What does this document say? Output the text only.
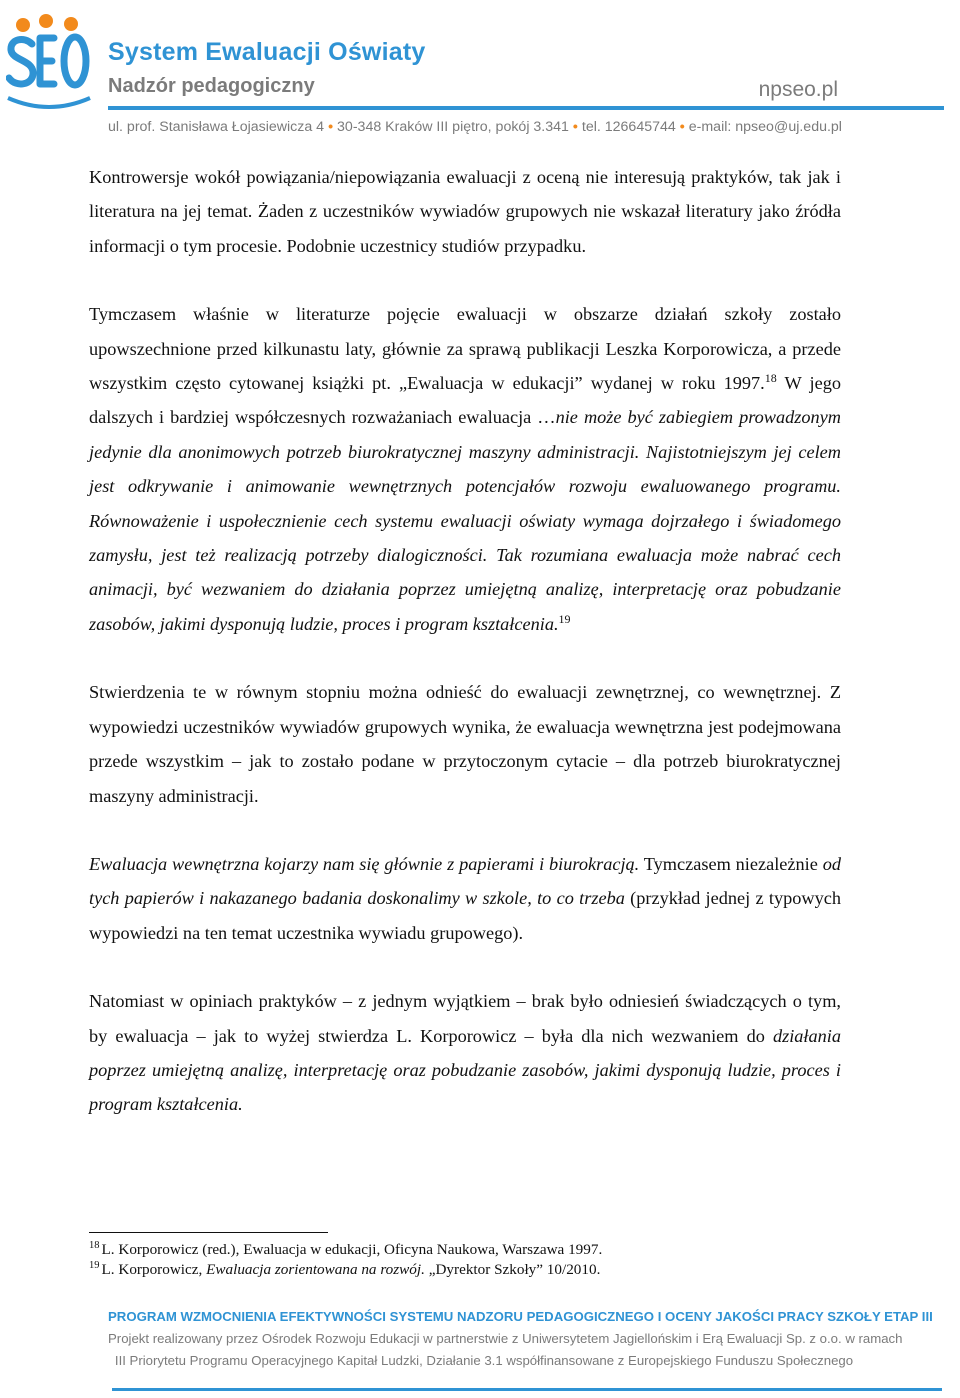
System Ewaluacji Oświaty
Nadzór pedagogiczny	npseo.pl
ul. prof. Stanisława Łojasiewicza 4 • 30-348 Kraków III piętro, pokój 3.341 • tel. 126645744 • e-mail: npseo@uj.edu.pl

Kontrowersje wokół powiązania/niepowiązania ewaluacji z oceną nie interesują praktyków, tak jak i literatura na jej temat. Żaden z uczestników wywiadów grupowych nie wskazał literatury jako źródła informacji o tym procesie. Podobnie uczestnicy studiów przypadku.

Tymczasem właśnie w literaturze pojęcie ewaluacji w obszarze działań szkoły zostało upowszechnione przed kilkunastu laty, głównie za sprawą publikacji Leszka Korporowicza, a przede wszystkim często cytowanej książki pt. „Ewaluacja w edukacji” wydanej w roku 1997.18 W jego dalszych i bardziej współczesnych rozważaniach ewaluacja …nie może być zabiegiem prowadzonym jedynie dla anonimowych potrzeb biurokratycznej maszyny administracji. Najistotniejszym jej celem jest odkrywanie i animowanie wewnętrznych potencjałów rozwoju ewaluowanego programu. Równoważenie i uspołecznienie cech systemu ewaluacji oświaty wymaga dojrzałego i świadomego zamysłu, jest też realizacją potrzeby dialogiczności. Tak rozumiana ewaluacja może nabrać cech animacji, być wezwaniem do działania poprzez umiejętną analizę, interpretację oraz pobudzanie zasobów, jakimi dysponują ludzie, proces i program kształcenia.$^{19}$

Stwierdzenia te w równym stopniu można odnieść do ewaluacji zewnętrznej, co wewnętrznej. Z wypowiedzi uczestników wywiadów grupowych wynika, że ewaluacja wewnętrzna jest podejmowana przede wszystkim – jak to zostało podane w przytoczonym cytacie – dla potrzeb biurokratycznej maszyny administracji.

Ewaluacja wewnętrzna kojarzy nam się głównie z papierami i biurokracją. Tymczasem niezależnie od tych papierów i nakazanego badania doskonalimy w szkole, to co trzeba (przykład jednej z typowych wypowiedzi na ten temat uczestnika wywiadu grupowego).

Natomiast w opiniach praktyków – z jednym wyjątkiem – brak było odniesień świadczących o tym, by ewaluacja – jak to wyżej stwierdza L. Korporowicz – była dla nich wezwaniem do działania poprzez umiejętną analizę, interpretację oraz pobudzanie zasobów, jakimi dysponują ludzie, proces i program kształcenia.

$^{18}$ L. Korporowicz (red.), Ewaluacja w edukacji, Oficyna Naukowa, Warszawa 1997.

$^{19}$ L. Korporowicz, Ewaluacja zorientowana na rozwój. „Dyrektor Szkoły” 10/2010.

PROGRAM WZMOCNIENIA EFEKTYWNOŚCI SYSTEMU NADZORU PEDAGOGICZNEGO I OCENY JAKOŚCI PRACY SZKOŁY ETAP III
Projekt realizowany przez Ośrodek Rozwoju Edukacji w partnerstwie z Uniwersytetem Jagiellońskim i Erą Ewaluacji Sp. z o.o. w ramach
III Priorytetu Programu Operacyjnego Kapitał Ludzki, Działanie 3.1 współfinansowane z Europejskiego Funduszu Społecznego
